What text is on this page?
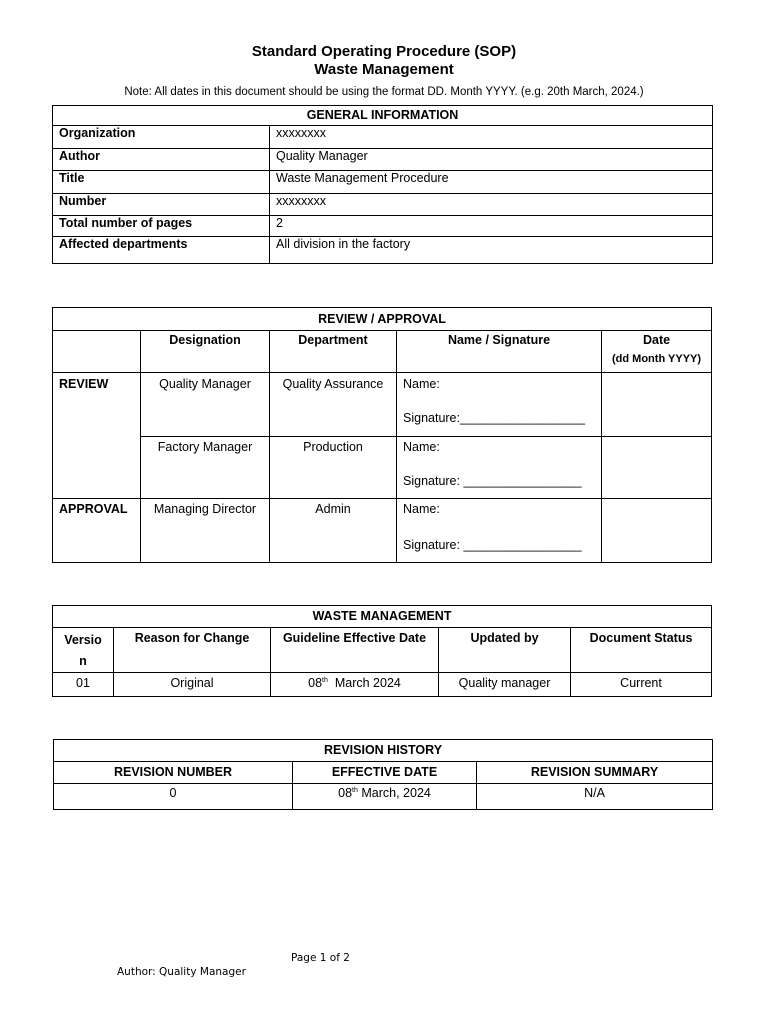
Standard Operating Procedure (SOP)
Waste Management
Note: All dates in this document should be using the format DD. Month YYYY. (e.g. 20th March, 2024.)
GENERAL INFORMATION	
Organization	xxxxxxxx
Author	Quality Manager
Title	Waste Management Procedure
Number	xxxxxxxx
Total number of pages	2
Affected departments	All division in the factory
REVIEW / APPROVAL				
	Designation	Department	Name / Signature	Date
(dd Month YYYY)

REVIEW	Quality Manager	Quality Assurance	Name:
Signature:__________________	

	Factory Manager	Production	Name:
Signature: _________________	

APPROVAL	Managing Director	Admin	Name:
Signature: _________________	

WASTE MANAGEMENT				

Versio
n	Reason for Change	Guideline Effective Date	Updated by	Document Status
01	Original	08th  March 2024	Quality manager	Current
REVISION HISTORY		
REVISION NUMBER	EFFECTIVE DATE	REVISION SUMMARY
0	08th March, 2024	N/A
Page 1 of 2
Author: Quality Manager
